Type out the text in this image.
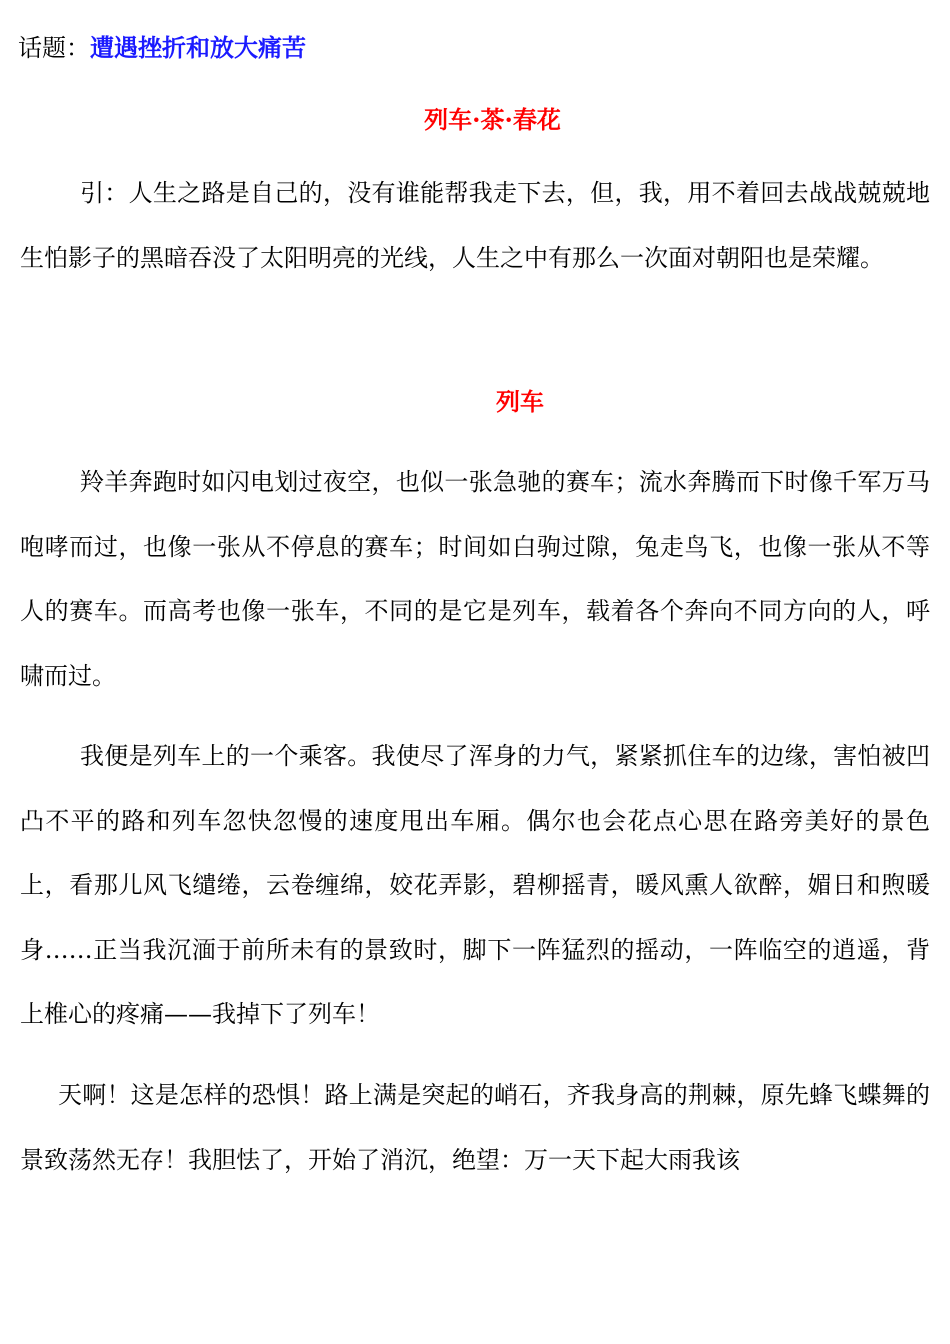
话题：遭遇挫折和放大痛苦
列车·茶·春花

引：人生之路是自己的，没有谁能帮我走下去，但，我，用不着回去战战兢兢地生怕影子的黑暗吞没了太阳明亮的光线，人生之中有那么一次面对朝阳也是荣耀。

列车

羚羊奔跑时如闪电划过夜空，也似一张急驰的赛车；流水奔腾而下时像千军万马咆哮而过，也像一张从不停息的赛车；时间如白驹过隙，兔走鸟飞，也像一张从不等人的赛车。而高考也像一张车，不同的是它是列车，载着各个奔向不同方向的人，呼啸而过。

我便是列车上的一个乘客。我使尽了浑身的力气，紧紧抓住车的边缘，害怕被凹凸不平的路和列车忽快忽慢的速度甩出车厢。偶尔也会花点心思在路旁美好的景色上，看那儿风飞缱绻，云卷缠绵，姣花弄影，碧柳摇青，暖风熏人欲醉，媚日和煦暖身……正当我沉湎于前所未有的景致时，脚下一阵猛烈的摇动，一阵临空的逍遥，背上椎心的疼痛——我掉下了列车！

天啊！这是怎样的恐惧！路上满是突起的峭石，齐我身高的荆棘，原先蜂飞蝶舞的景致荡然无存！我胆怯了，开始了消沉，绝望：万一天下起大雨我该
